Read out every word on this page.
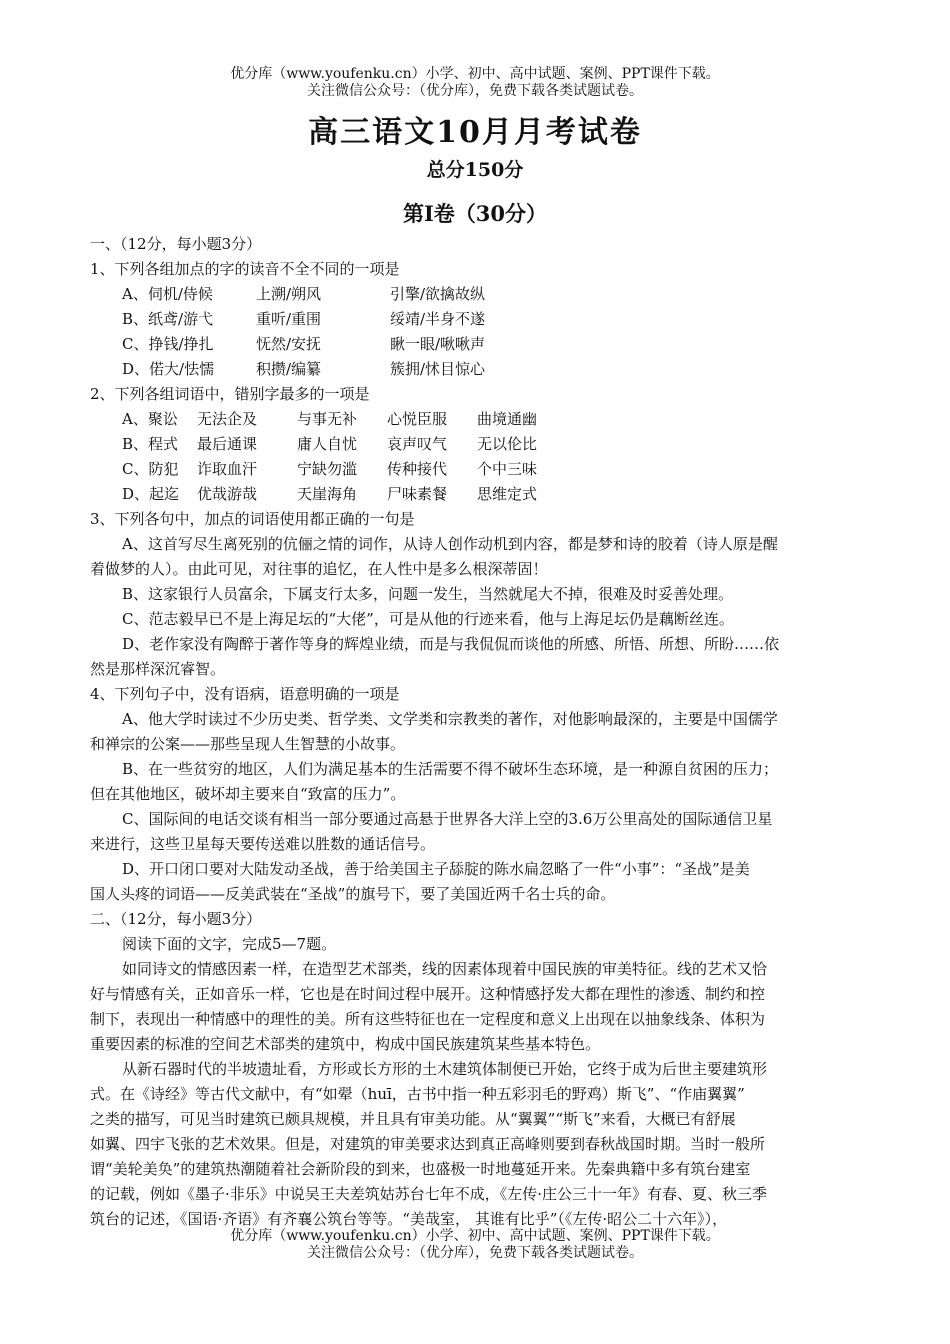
优分库（www.youfenku.cn）小学、初中、高中试题、案例、PPT课件下载。
关注微信公众号：（优分库），免费下载各类试题试卷。
高三语文10月月考试卷
总分150分
第Ⅰ卷（30分）

一、（12分，每小题3分）

1、下列各组加点的字的读音不全不同的一项是

A、伺机/侍候	上溯/朔风	引擎/欲擒故纵
B、纸鸢/游弋	重听/重围	绥靖/半身不遂
C、挣钱/挣扎	怃然/安抚	瞅一眼/啾啾声
D、偌大/怯懦	积攒/编纂	簇拥/怵目惊心

2、下列各组词语中，错别字最多的一项是

A、聚讼	无法企及	与事无补	心悦臣服	曲境通幽
B、程式	最后通课	庸人自忧	哀声叹气	无以伦比
C、防犯	诈取血汗	宁缺勿滥	传种接代	个中三味
D、起迄	优哉游哉	天崖海角	尸味素餐	思维定式

3、下列各句中，加点的词语使用都正确的一句是

A、这首写尽生离死别的伉俪之情的词作，从诗人创作动机到内容，都是梦和诗的胶着（诗人原是醒

着做梦的人）。由此可见，对往事的追忆，在人性中是多么根深蒂固！

B、这家银行人员富余，下属支行太多，问题一发生，当然就尾大不掉，很难及时妥善处理。

C、范志毅早已不是上海足坛的“大佬”，可是从他的行迹来看，他与上海足坛仍是藕断丝连。

D、老作家没有陶醉于著作等身的辉煌业绩，而是与我侃侃而谈他的所感、所悟、所想、所盼……依

然是那样深沉睿智。

4、下列句子中，没有语病，语意明确的一项是

A、他大学时读过不少历史类、哲学类、文学类和宗教类的著作，对他影响最深的，主要是中国儒学

和禅宗的公案——那些呈现人生智慧的小故事。

B、在一些贫穷的地区，人们为满足基本的生活需要不得不破坏生态环境，是一种源自贫困的压力；

但在其他地区，破坏却主要来自“致富的压力”。

C、国际间的电话交谈有相当一部分要通过高悬于世界各大洋上空的3.6万公里高处的国际通信卫星

来进行，这些卫星每天要传送难以胜数的通话信号。

D、开口闭口要对大陆发动圣战，善于给美国主子舔腚的陈水扁忽略了一件“小事”：“圣战”是美

国人头疼的词语——反美武装在“圣战”的旗号下，要了美国近两千名士兵的命。

二、（12分，每小题3分）

阅读下面的文字，完成5—7题。

如同诗文的情感因素一样，在造型艺术部类，线的因素体现着中国民族的审美特征。线的艺术又恰

好与情感有关，正如音乐一样，它也是在时间过程中展开。这种情感抒发大都在理性的渗透、制约和控

制下，表现出一种情感中的理性的美。所有这些特征也在一定程度和意义上出现在以抽象线条、体积为

重要因素的标准的空间艺术部类的建筑中，构成中国民族建筑某些基本特色。

从新石器时代的半坡遗址看，方形或长方形的土木建筑体制便已开始，它终于成为后世主要建筑形

式。在《诗经》等古代文献中，有“如翚（huī，古书中指一种五彩羽毛的野鸡）斯飞”、“作庙翼翼”

之类的描写，可见当时建筑已颇具规模，并且具有审美功能。从“翼翼”“斯飞”来看，大概已有舒展

如翼、四宇飞张的艺术效果。但是，对建筑的审美要求达到真正高峰则要到春秋战国时期。当时一般所

谓“美轮美奂”的建筑热潮随着社会新阶段的到来，也盛极一时地蔓延开来。先秦典籍中多有筑台建室

的记载，例如《墨子·非乐》中说吴王夫差筑姑苏台七年不成，《左传·庄公三十一年》有春、夏、秋三季

筑台的记述，《国语·齐语》有齐襄公筑台等等。“美哉室， 其谁有比乎”（《左传·昭公二十六年》），

优分库（www.youfenku.cn）小学、初中、高中试题、案例、PPT课件下载。
关注微信公众号：（优分库），免费下载各类试题试卷。
